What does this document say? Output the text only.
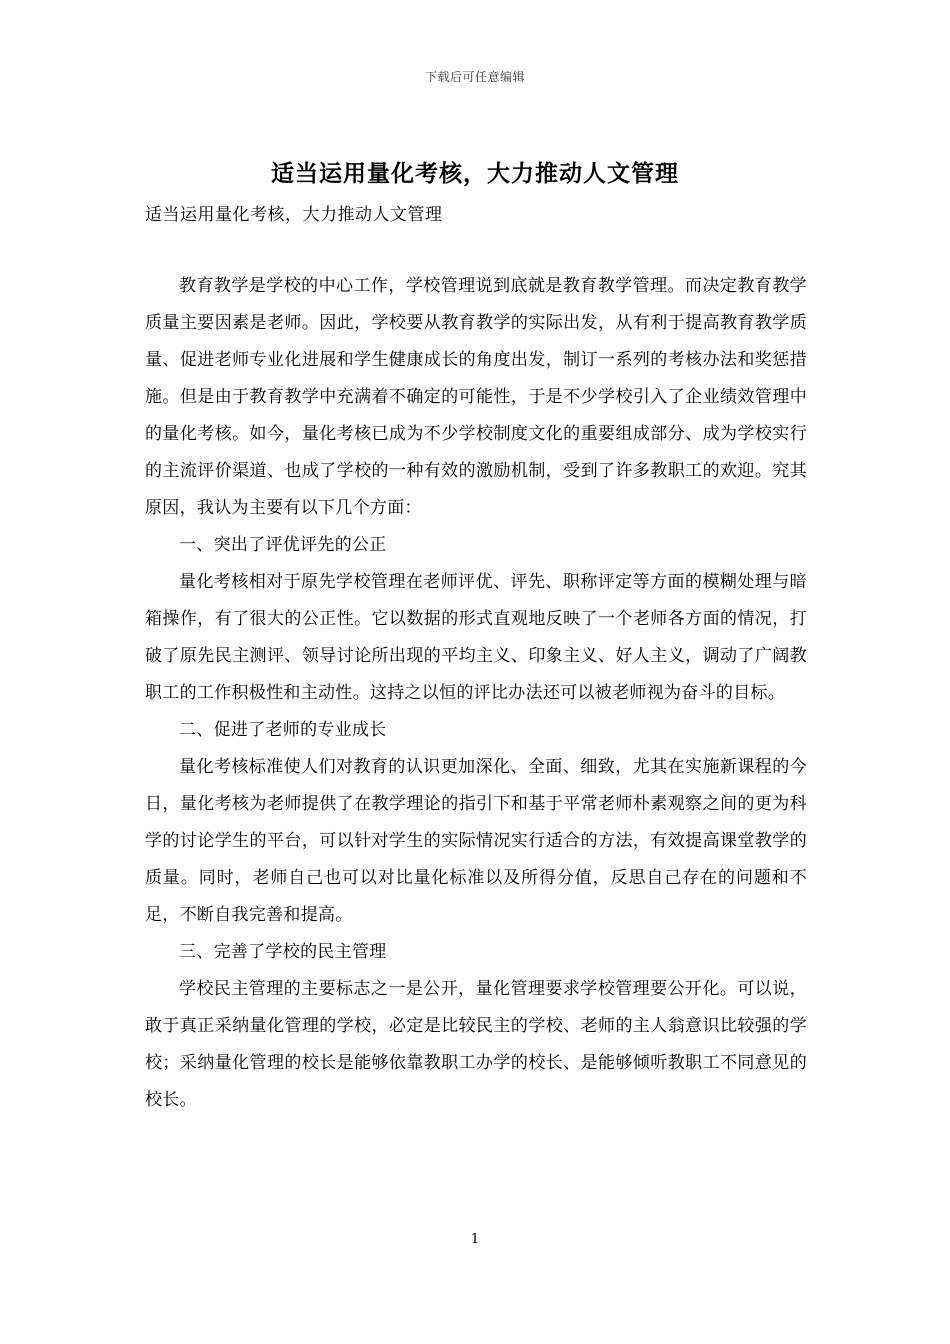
下载后可任意编辑
适当运用量化考核，大力推动人文管理
适当运用量化考核，大力推动人文管理

教育教学是学校的中心工作，学校管理说到底就是教育教学管理。而决定教育教学质量主要因素是老师。因此，学校要从教育教学的实际出发，从有利于提高教育教学质量、促进老师专业化进展和学生健康成长的角度出发，制订一系列的考核办法和奖惩措施。但是由于教育教学中充满着不确定的可能性，于是不少学校引入了企业绩效管理中的量化考核。如今，量化考核已成为不少学校制度文化的重要组成部分、成为学校实行的主流评价渠道、也成了学校的一种有效的激励机制，受到了许多教职工的欢迎。究其原因，我认为主要有以下几个方面：

一、突出了评优评先的公正

量化考核相对于原先学校管理在老师评优、评先、职称评定等方面的模糊处理与暗箱操作，有了很大的公正性。它以数据的形式直观地反映了一个老师各方面的情况，打破了原先民主测评、领导讨论所出现的平均主义、印象主义、好人主义，调动了广阔教职工的工作积极性和主动性。这持之以恒的评比办法还可以被老师视为奋斗的目标。

二、促进了老师的专业成长

量化考核标准使人们对教育的认识更加深化、全面、细致，尤其在实施新课程的今日，量化考核为老师提供了在教学理论的指引下和基于平常老师朴素观察之间的更为科学的讨论学生的平台，可以针对学生的实际情况实行适合的方法，有效提高课堂教学的质量。同时，老师自己也可以对比量化标准以及所得分值，反思自己存在的问题和不足，不断自我完善和提高。

三、完善了学校的民主管理

学校民主管理的主要标志之一是公开，量化管理要求学校管理要公开化。可以说，敢于真正采纳量化管理的学校，必定是比较民主的学校、老师的主人翁意识比较强的学校；采纳量化管理的校长是能够依靠教职工办学的校长、是能够倾听教职工不同意见的校长。

1
